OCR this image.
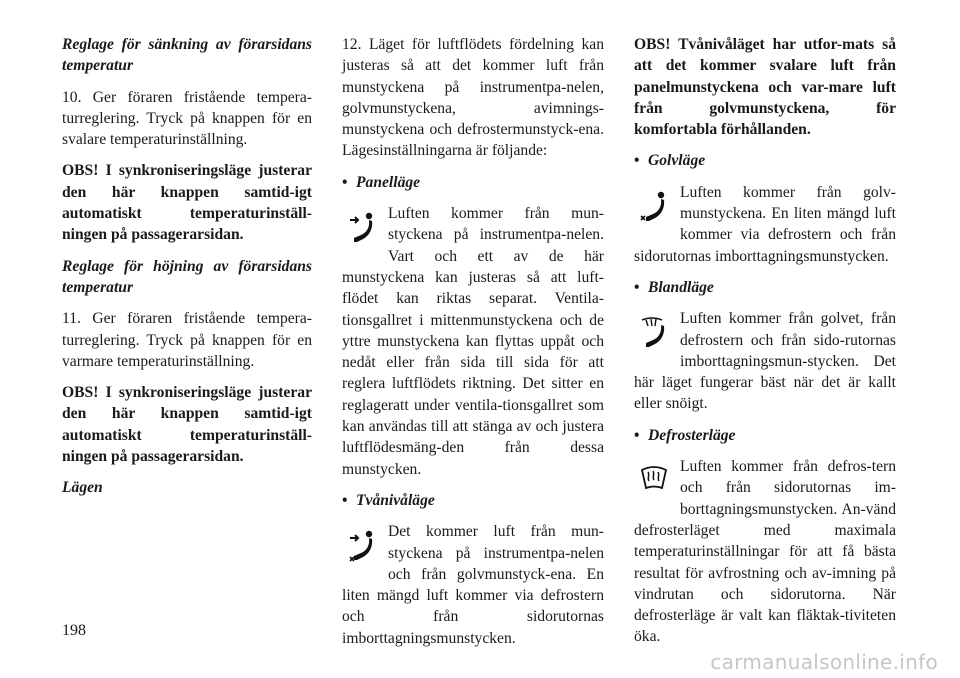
Reglage för sänkning av förarsidans temperatur

10. Ger föraren fristående tempera-turreglering. Tryck på knappen för en svalare temperaturinställning.

OBS! I synkroniseringsläge justerar den här knappen samtid-igt automatiskt temperaturinställ-ningen på passagerarsidan.

Reglage för höjning av förarsidans temperatur

11. Ger föraren fristående tempera-turreglering. Tryck på knappen för en varmare temperaturinställning.

OBS! I synkroniseringsläge justerar den här knappen samtid-igt automatiskt temperaturinställ-ningen på passagerarsidan.

Lägen

12. Läget för luftflödets fördelning kan justeras så att det kommer luft från munstyckena på instrumentpa-nelen, golvmunstyckena, avimnings-munstyckena och defrostermunstyck-ena. Lägesinställningarna är följande:

• Panelläge

Luften kommer från mun-styckena på instrumentpa-nelen. Vart och ett av de här munstyckena kan justeras så att luft-flödet kan riktas separat. Ventila-tionsgallret i mittenmunstyckena och de yttre munstyckena kan flyttas uppåt och nedåt eller från sida till sida för att reglera luftflödets riktning. Det sitter en reglageratt under ventila-tionsgallret som kan användas till att stänga av och justera luftflödesmäng-den från dessa munstycken.

• Tvånivåläge

Det kommer luft från mun-styckena på instrumentpa-nelen och från golvmunstyck-ena. En liten mängd luft kommer via defrostern och från sidorutornas imborttagningsmunstycken.

OBS! Tvånivåläget har utfor-mats så att det kommer svalare luft från panelmunstyckena och var-mare luft från golvmunstyckena, för komfortabla förhållanden.

• Golvläge

Luften kommer från golv-munstyckena. En liten mängd luft kommer via defrostern och från sidorutornas imborttagningsmunstycken.

• Blandläge

Luften kommer från golvet, från defrostern och från sido-rutornas imborttagningsmun-stycken. Det här läget fungerar bäst när det är kallt eller snöigt.

• Defrosterläge

Luften kommer från defros-tern och från sidorutornas im-borttagningsmunstycken. An-vänd defrosterläget med maximala temperaturinställningar för att få bästa resultat för avfrostning och av-imning på vindrutan och sidorutorna. När defrosterläge är valt kan fläktak-tiviteten öka.
198
carmanualsonline.info
